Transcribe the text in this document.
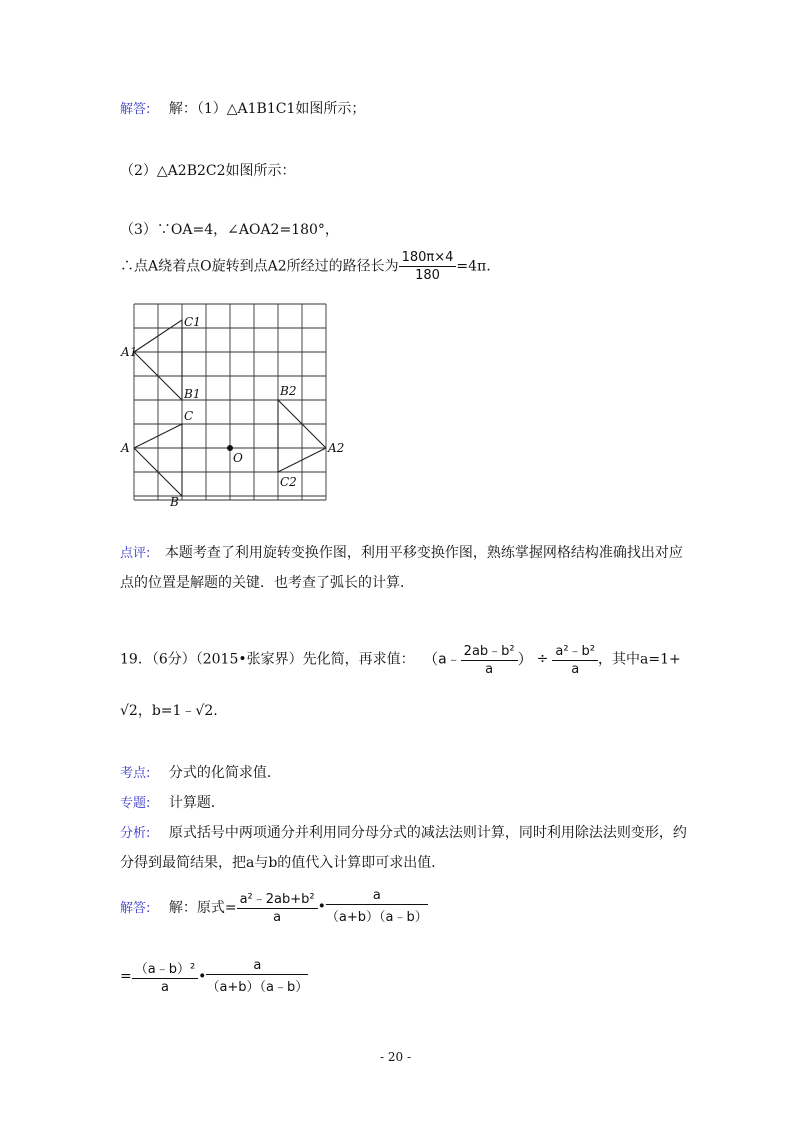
解答: 解：（1）△A1B1C1如图所示；
（2）△A2B2C2如图所示：
（3）∵OA=4，∠AOA2=180°，
∴点A绕着点O旋转到点A2所经过的路径长为 $\frac{180\pi\times 4}{180} =4\pi$.
C1
A1
B1
C
A
O
B
B2
A2
C2
点评: 本题考查了利用旋转变换作图，利用平移变换作图，熟练掌握网格结构准确找出对应
点的位置是解题的关键．也考查了弧长的计算．
19．（6分）（2015•张家界）先化简，再求值： （a﹣ $\frac{\text{2ab﹣b²}}{a}$ ） ÷ $\frac{\text{a²﹣b²}}{a}$ ，其中a=1+
√2，b=1﹣√2.
考点: 分式的化简求值．
专题: 计算题．
分析: 原式括号中两项通分并利用同分母分式的减法法则计算，同时利用除法法则变形，约
分得到最简结果，把a与b的值代入计算即可求出值．
解答: 解：原式= $\frac{\text{a²﹣2ab+b²}}{a}$ • $\frac{a}{(a+b)(a﹣b)}$
= $\frac{\text{（a﹣b）²}}{a}$ • $\frac{a}{(a+b)(a﹣b)}$
- 20 -
